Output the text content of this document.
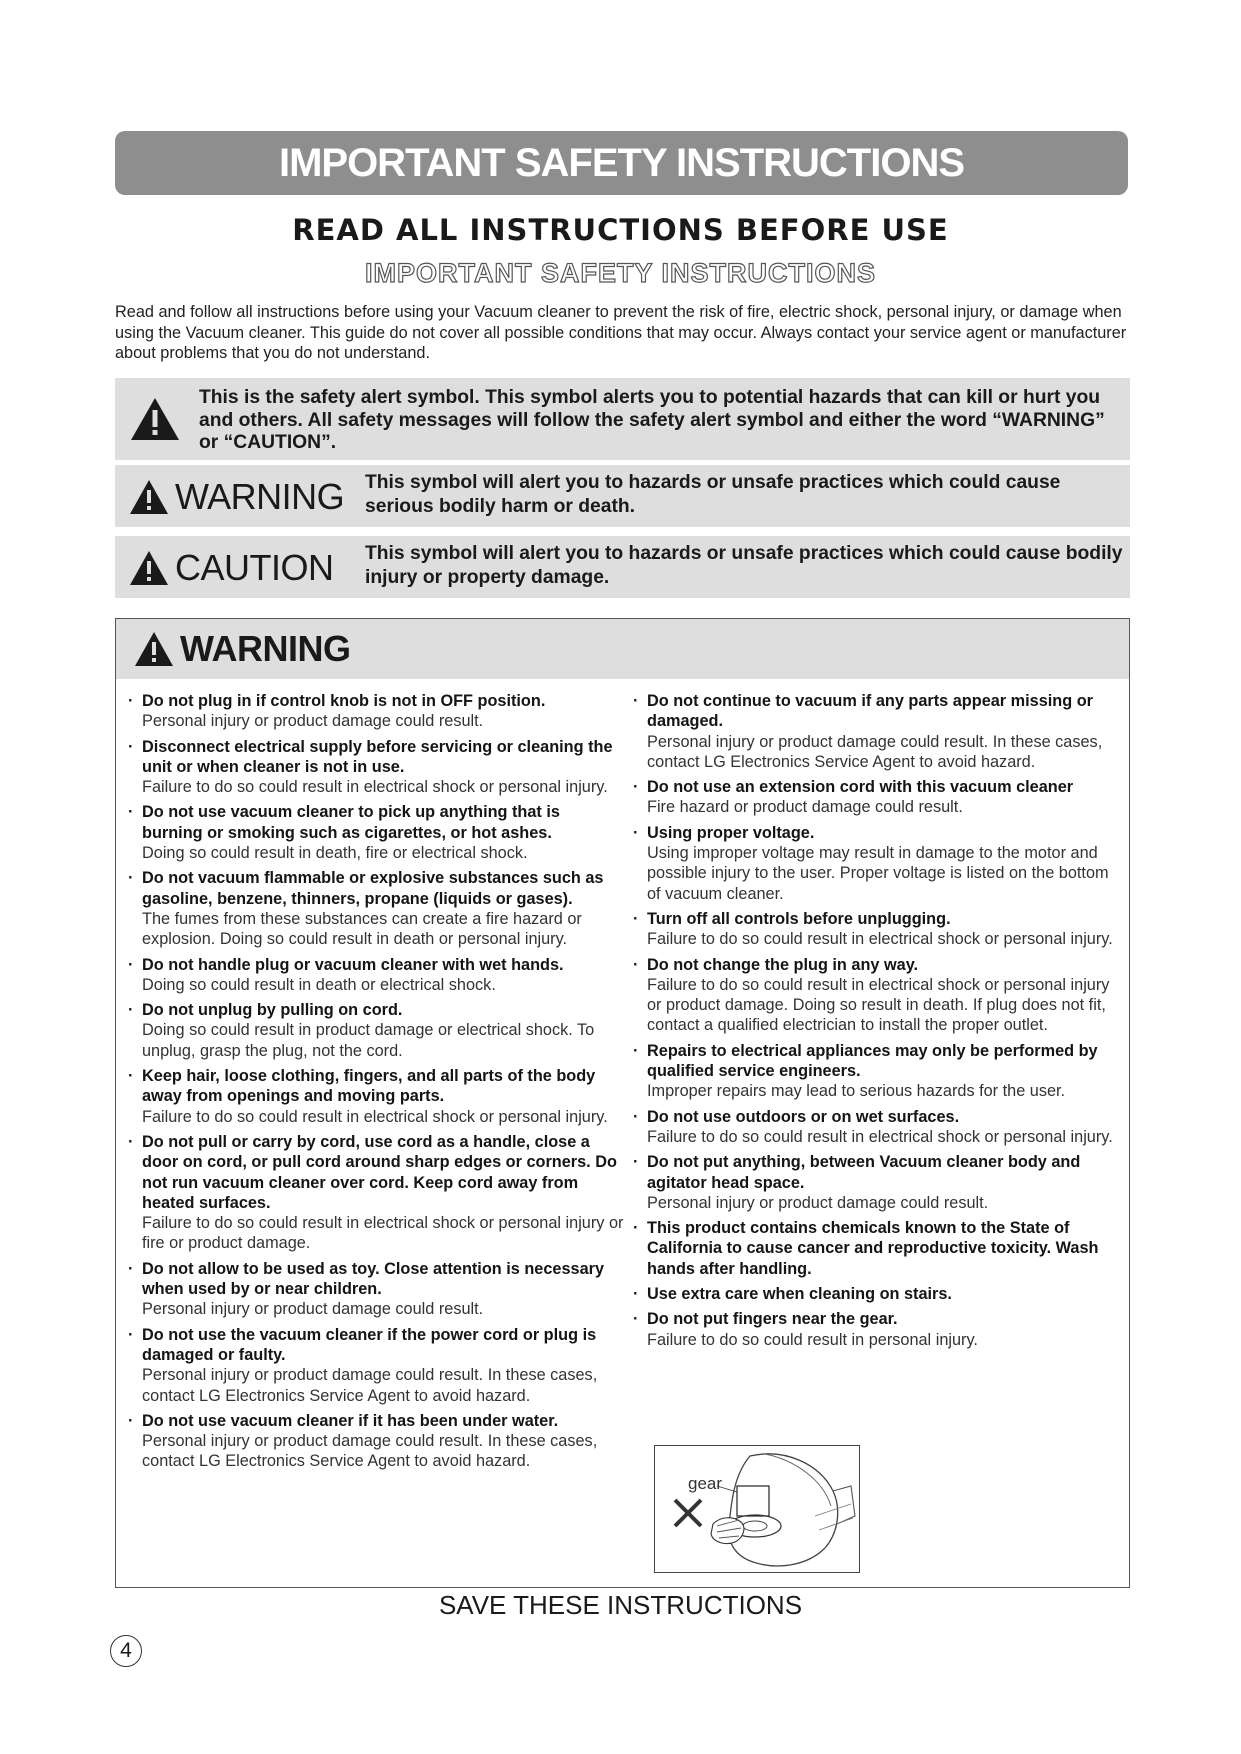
IMPORTANT SAFETY INSTRUCTIONS
READ ALL INSTRUCTIONS BEFORE USE
IMPORTANT SAFETY INSTRUCTIONS
Read and follow all instructions before using your Vacuum cleaner to prevent the risk of fire, electric shock, personal injury, or damage when using the Vacuum cleaner. This guide do not cover all possible conditions that may occur. Always contact your service agent or manufacturer about problems that you do not understand.
This is the safety alert symbol. This symbol alerts you to potential hazards that can kill or hurt you and others. All safety messages will follow the safety alert symbol and either the word “WARNING” or “CAUTION”.
WARNING This symbol will alert you to hazards or unsafe practices which could cause serious bodily harm or death.
CAUTION This symbol will alert you to hazards or unsafe practices which could cause bodily injury or property damage.
WARNING
· Do not plug in if control knob is not in OFF position.
Personal injury or product damage could result.
· Disconnect electrical supply before servicing or cleaning the unit or when cleaner is not in use.
Failure to do so could result in electrical shock or personal injury.
· Do not use vacuum cleaner to pick up anything that is burning or smoking such as cigarettes, or hot ashes.
Doing so could result in death, fire or electrical shock.
· Do not vacuum flammable or explosive substances such as gasoline, benzene, thinners, propane (liquids or gases).
The fumes from these substances can create a fire hazard or explosion. Doing so could result in death or personal injury.
· Do not handle plug or vacuum cleaner with wet hands.
Doing so could result in death or electrical shock.
· Do not unplug by pulling on cord.
Doing so could result in product damage or electrical shock. To unplug, grasp the plug, not the cord.
· Keep hair, loose clothing, fingers, and all parts of the body away from openings and moving parts.
Failure to do so could result in electrical shock or personal injury.
· Do not pull or carry by cord, use cord as a handle, close a door on cord, or pull cord around sharp edges or corners. Do not run vacuum cleaner over cord. Keep cord away from heated surfaces.
Failure to do so could result in electrical shock or personal injury or fire or product damage.
· Do not allow to be used as toy. Close attention is necessary when used by or near children.
Personal injury or product damage could result.
· Do not use the vacuum cleaner if the power cord or plug is damaged or faulty.
Personal injury or product damage could result. In these cases, contact LG Electronics Service Agent to avoid hazard.
· Do not use vacuum cleaner if it has been under water.
Personal injury or product damage could result. In these cases, contact LG Electronics Service Agent to avoid hazard.
· Do not continue to vacuum if any parts appear missing or damaged.
Personal injury or product damage could result. In these cases, contact LG Electronics Service Agent to avoid hazard.
· Do not use an extension cord with this vacuum cleaner
Fire hazard or product damage could result.
· Using proper voltage.
Using improper voltage may result in damage to the motor and possible injury to the user. Proper voltage is listed on the bottom of vacuum cleaner.
· Turn off all controls before unplugging.
Failure to do so could result in electrical shock or personal injury.
· Do not change the plug in any way.
Failure to do so could result in electrical shock or personal injury or product damage. Doing so result in death. If plug does not fit, contact a qualified electrician to install the proper outlet.
· Repairs to electrical appliances may only be performed by qualified service engineers.
Improper repairs may lead to serious hazards for the user.
· Do not use outdoors or on wet surfaces.
Failure to do so could result in electrical shock or personal injury.
· Do not put anything, between Vacuum cleaner body and agitator head space.
Personal injury or product damage could result.
· This product contains chemicals known to the State of California to cause cancer and reproductive toxicity. Wash hands after handling.
· Use extra care when cleaning on stairs.
· Do not put fingers near the gear.
Failure to do so could result in personal injury.
gear
SAVE THESE INSTRUCTIONS
4
